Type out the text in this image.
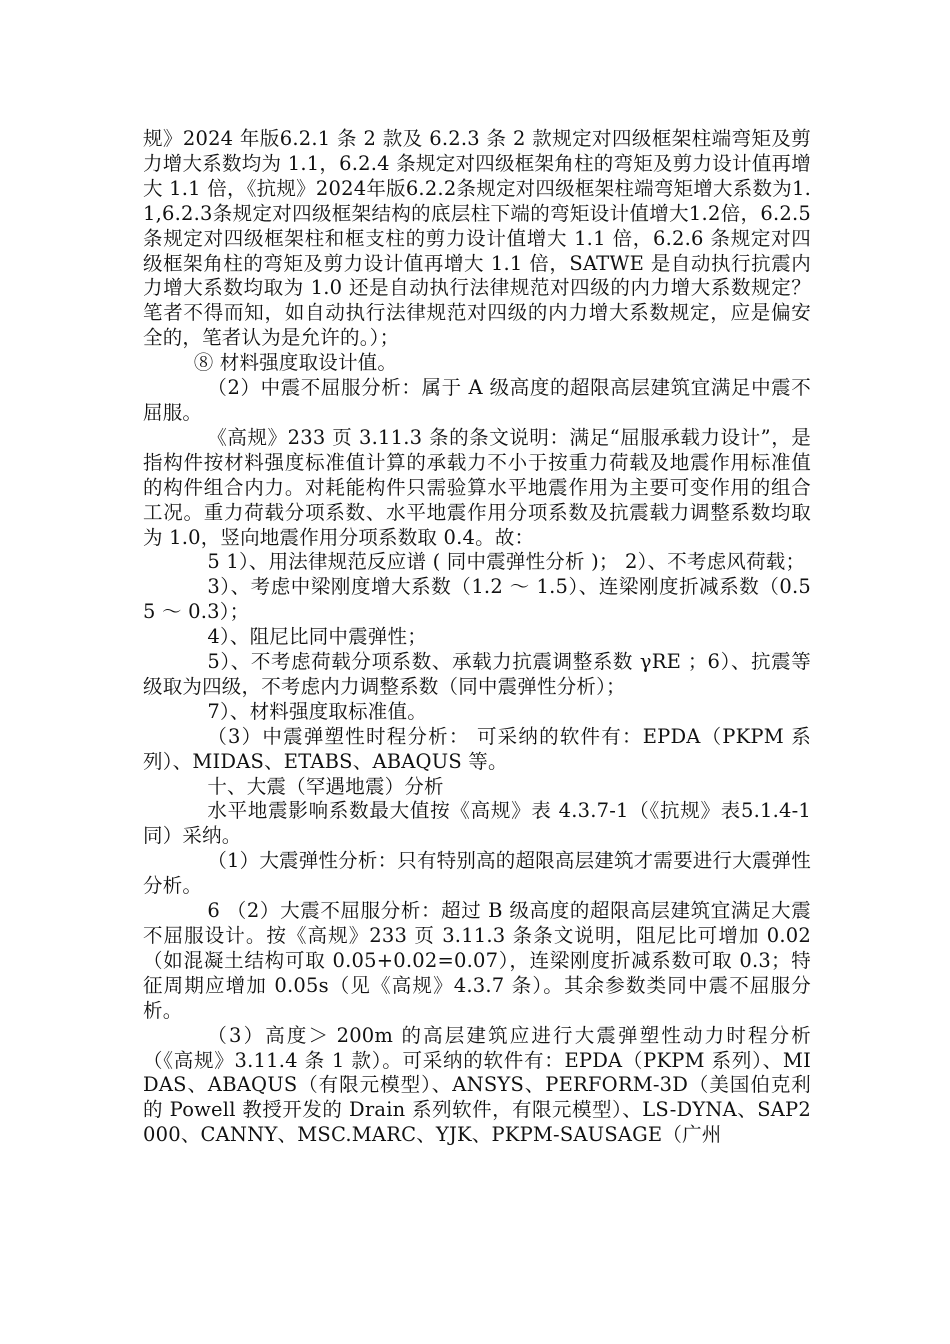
规》2024 年版6.2.1 条 2 款及 6.2.3 条 2 款规定对四级框架柱端弯矩及剪力增大系数均为 1.1，6.2.4 条规定对四级框架角柱的弯矩及剪力设计值再增大 1.1 倍，《抗规》2024年版6.2.2条规定对四级框架柱端弯矩增大系数为1.1,6.2.3条规定对四级框架结构的底层柱下端的弯矩设计值增大1.2倍，6.2.5 条规定对四级框架柱和框支柱的剪力设计值增大 1.1 倍，6.2.6 条规定对四级框架角柱的弯矩及剪力设计值再增大 1.1 倍，SATWE 是自动执行抗震内力增大系数均取为 1.0 还是自动执行法律规范对四级的内力增大系数规定？笔者不得而知，如自动执行法律规范对四级的内力增大系数规定，应是偏安全的，笔者认为是允许的。）；

⑧ 材料强度取设计值。

（2）中震不屈服分析：属于 A 级高度的超限高层建筑宜满足中震不屈服。

《高规》233 页 3.11.3 条的条文说明：满足“屈服承载力设计”，是指构件按材料强度标准值计算的承载力不小于按重力荷载及地震作用标准值的构件组合内力。对耗能构件只需验算水平地震作用为主要可变作用的组合工况。重力荷载分项系数、水平地震作用分项系数及抗震载力调整系数均取为 1.0，竖向地震作用分项系数取 0.4。故：

5 1）、用法律规范反应谱 ( 同中震弹性分析 )； 2）、不考虑风荷载；

3）、考虑中梁刚度增大系数（1.2 ～ 1.5）、连梁刚度折减系数（0.55 ～ 0.3）；

4）、阻尼比同中震弹性；

5）、不考虑荷载分项系数、承载力抗震调整系数 γRE ；6）、抗震等级取为四级，不考虑内力调整系数（同中震弹性分析）；

7）、材料强度取标准值。

（3）中震弹塑性时程分析： 可采纳的软件有：EPDA（PKPM 系列）、MIDAS、ETABS、ABAQUS 等。

十、大震（罕遇地震）分析

水平地震影响系数最大值按《高规》表 4.3.7-1（《抗规》表5.1.4-1 同）采纳。

（1）大震弹性分析：只有特别高的超限高层建筑才需要进行大震弹性分析。

6 （2）大震不屈服分析：超过 B 级高度的超限高层建筑宜满足大震不屈服设计。按《高规》233 页 3.11.3 条条文说明，阻尼比可增加 0.02（如混凝土结构可取 0.05+0.02=0.07），连梁刚度折减系数可取 0.3；特征周期应增加 0.05s（见《高规》4.3.7 条）。其余参数类同中震不屈服分析。

（3）高度＞ 200m 的高层建筑应进行大震弹塑性动力时程分析（《高规》3.11.4 条 1 款）。可采纳的软件有：EPDA（PKPM 系列）、MIDAS、ABAQUS（有限元模型）、ANSYS、PERFORM-3D（美国伯克利的 Powell 教授开发的 Drain 系列软件，有限元模型）、LS-DYNA、SAP2000、CANNY、MSC.MARC、YJK、PKPM-SAUSAGE（广州
